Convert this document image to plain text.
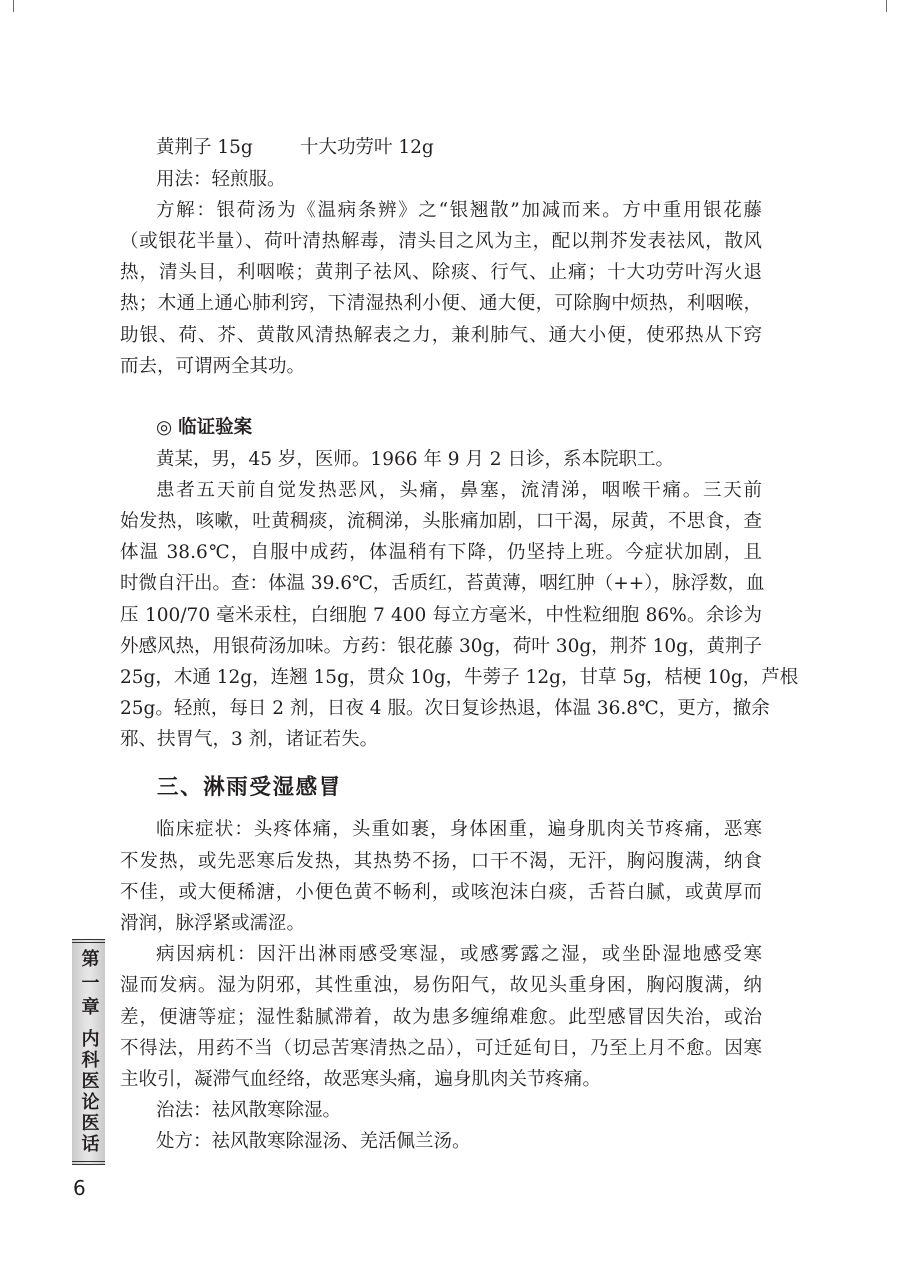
黄荆子 15g	十大功劳叶 12g
用法：轻煎服。
方解：银荷汤为《温病条辨》之“银翘散”加减而来。方中重用银花藤
（或银花半量）、荷叶清热解毒，清头目之风为主，配以荆芥发表祛风，散风
热，清头目，利咽喉；黄荆子祛风、除痰、行气、止痛；十大功劳叶泻火退
热；木通上通心肺利窍，下清湿热利小便、通大便，可除胸中烦热，利咽喉，
助银、荷、芥、黄散风清热解表之力，兼利肺气、通大小便，使邪热从下窍
而去，可谓两全其功。
◎ 临证验案
黄某，男，45 岁，医师。1966 年 9 月 2 日诊，系本院职工。
患者五天前自觉发热恶风，头痛，鼻塞，流清涕，咽喉干痛。三天前
始发热，咳嗽，吐黄稠痰，流稠涕，头胀痛加剧，口干渴，尿黄，不思食，查
体温 38.6℃，自服中成药，体温稍有下降，仍坚持上班。今症状加剧，且
时微自汗出。查：体温 39.6℃，舌质红，苔黄薄，咽红肿（++），脉浮数，血
压 100/70 毫米汞柱，白细胞 7 400 每立方毫米，中性粒细胞 86%。余诊为
外感风热，用银荷汤加味。方药：银花藤 30g，荷叶 30g，荆芥 10g，黄荆子
25g，木通 12g，连翘 15g，贯众 10g，牛蒡子 12g，甘草 5g，桔梗 10g，芦根
25g。轻煎，每日 2 剂，日夜 4 服。次日复诊热退，体温 36.8℃，更方，撤余
邪、扶胃气，3 剂，诸证若失。
三、淋雨受湿感冒
临床症状：头疼体痛，头重如裹，身体困重，遍身肌肉关节疼痛，恶寒
不发热，或先恶寒后发热，其热势不扬，口干不渴，无汗，胸闷腹满，纳食
不佳，或大便稀溏，小便色黄不畅利，或咳泡沫白痰，舌苔白腻，或黄厚而
滑润，脉浮紧或濡涩。
病因病机：因汗出淋雨感受寒湿，或感雾露之湿，或坐卧湿地感受寒
湿而发病。湿为阴邪，其性重浊，易伤阳气，故见头重身困，胸闷腹满，纳
差，便溏等症；湿性黏腻滞着，故为患多缠绵难愈。此型感冒因失治，或治
不得法，用药不当（切忌苦寒清热之品），可迁延旬日，乃至上月不愈。因寒
主收引，凝滞气血经络，故恶寒头痛，遍身肌肉关节疼痛。
治法：祛风散寒除湿。
处方：祛风散寒除湿汤、羌活佩兰汤。
第一章
内科医论医话
6
